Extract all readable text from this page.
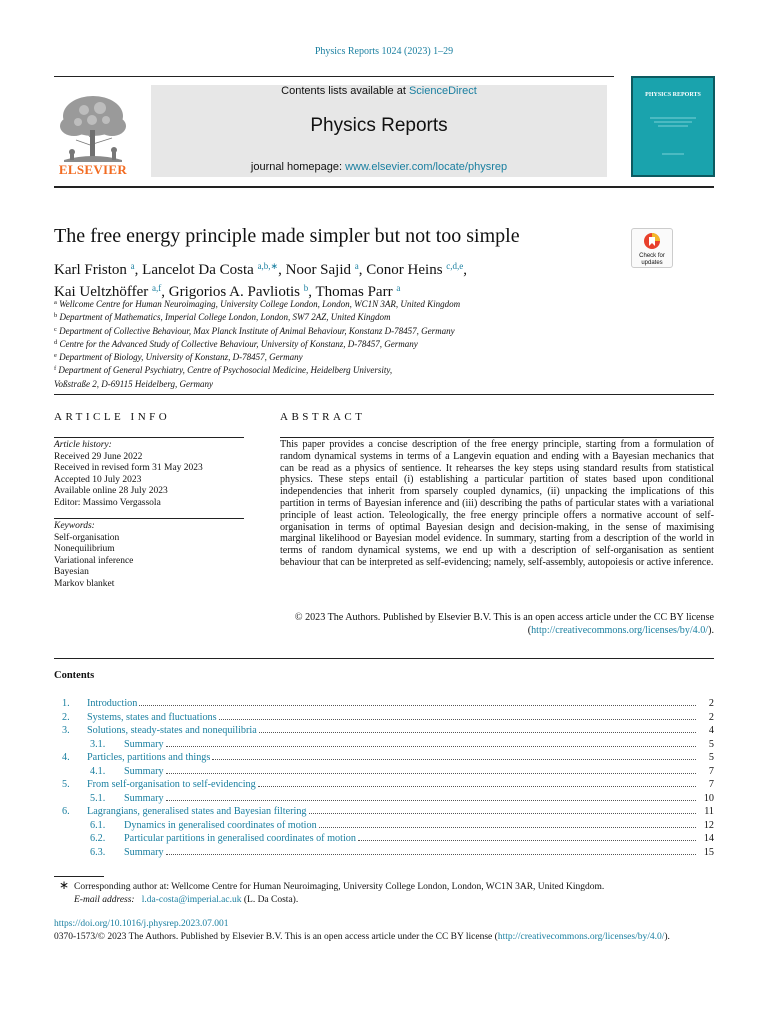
Physics Reports 1024 (2023) 1–29
ELSEVIER
Contents lists available at ScienceDirect
Physics Reports
journal homepage: www.elsevier.com/locate/physrep
PHYSICS REPORTS
The free energy principle made simpler but not too simple
Check for updates
Karl Friston $^a$, Lancelot Da Costa $^{a,b,∗}$, Noor Sajid $^a$, Conor Heins $^{c,d,e}$,
Kai Ueltzhöffer $^{a,f}$, Grigorios A. Pavliotis $^b$, Thomas Parr $^a$
$^a$ Wellcome Centre for Human Neuroimaging, University College London, London, WC1N 3AR, United Kingdom
$^b$ Department of Mathematics, Imperial College London, London, SW7 2AZ, United Kingdom
$^c$ Department of Collective Behaviour, Max Planck Institute of Animal Behaviour, Konstanz D-78457, Germany
$^d$ Centre for the Advanced Study of Collective Behaviour, University of Konstanz, D-78457, Germany
$^e$ Department of Biology, University of Konstanz, D-78457, Germany
$^f$ Department of General Psychiatry, Centre of Psychosocial Medicine, Heidelberg University,
Voßstraße 2, D-69115 Heidelberg, Germany
ARTICLE INFO	ABSTRACT
Article history:
Received 29 June 2022
Received in revised form 31 May 2023
Accepted 10 July 2023
Available online 28 July 2023
Editor: Massimo Vergassola
Keywords:
Self-organisation
Nonequilibrium
Variational inference
Bayesian
Markov blanket
This paper provides a concise description of the free energy principle, starting from a formulation of random dynamical systems in terms of a Langevin equation and ending with a Bayesian mechanics that can be read as a physics of sentience. It rehearses the key steps using standard results from statistical physics. These steps entail (i) establishing a particular partition of states based upon conditional independencies that inherit from sparsely coupled dynamics, (ii) unpacking the implications of this partition in terms of Bayesian inference and (iii) describing the paths of particular states with a variational principle of least action. Teleologically, the free energy principle offers a normative account of self-organisation in terms of optimal Bayesian design and decision-making, in the sense of maximising marginal likelihood or Bayesian model evidence. In summary, starting from a description of the world in terms of random dynamical systems, we end up with a description of self-organisation as sentient behaviour that can be interpreted as self-evidencing; namely, self-assembly, autopoiesis or active inference.
© 2023 The Authors. Published by Elsevier B.V. This is an open access article under the CC BY license (http://creativecommons.org/licenses/by/4.0/).
Contents
1.	Introduction	2
2.	Systems, states and fluctuations	2
3.	Solutions, steady-states and nonequilibria	4
3.1.	Summary	5
4.	Particles, partitions and things	5
4.1.	Summary	7
5.	From self-organisation to self-evidencing	7
5.1.	Summary	10
6.	Lagrangians, generalised states and Bayesian filtering	11
6.1.	Dynamics in generalised coordinates of motion	12
6.2.	Particular partitions in generalised coordinates of motion	14
6.3.	Summary	15
∗ Corresponding author at: Wellcome Centre for Human Neuroimaging, University College London, London, WC1N 3AR, United Kingdom.
E-mail address: l.da-costa@imperial.ac.uk (L. Da Costa).
https://doi.org/10.1016/j.physrep.2023.07.001
0370-1573/© 2023 The Authors. Published by Elsevier B.V. This is an open access article under the CC BY license (http://creativecommons.org/licenses/by/4.0/).
